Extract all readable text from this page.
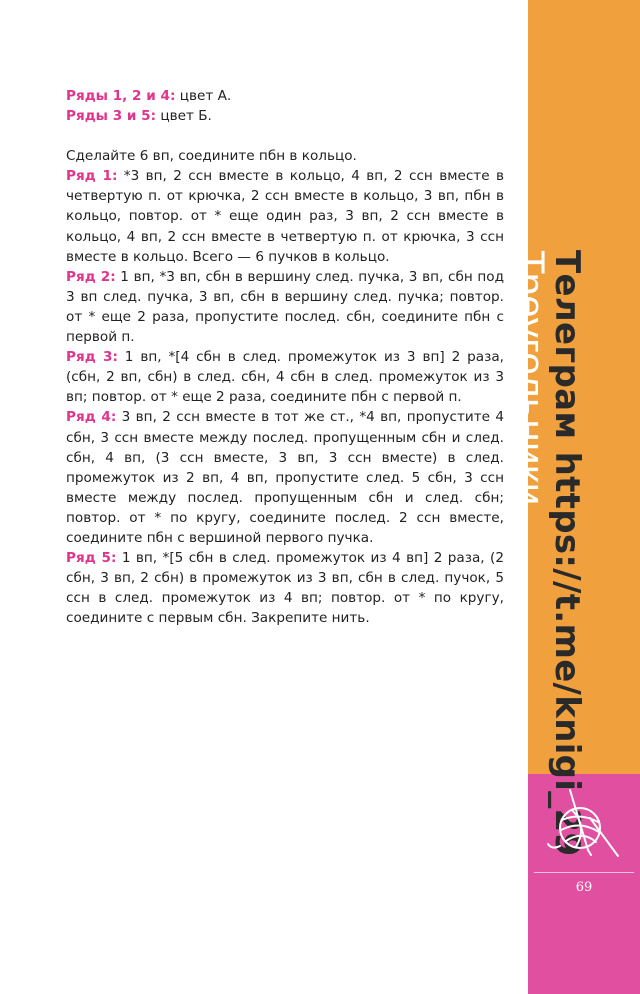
Ряды 1, 2 и 4: цвет А.

Ряды 3 и 5: цвет Б.

Сделайте 6 вп, соедините пбн в кольцо.

Ряд 1: *3 вп, 2 ссн вместе в кольцо, 4 вп, 2 ссн вместе в четвертую п. от крючка, 2 ссн вместе в кольцо, 3 вп, пбн в кольцо, повтор. от * еще один раз, 3 вп, 2 ссн вместе в кольцо, 4 вп, 2 ссн вместе в четвертую п. от крючка, 3 ссн вместе в кольцо. Всего — 6 пучков в кольцо.

Ряд 2: 1 вп, *3 вп, сбн в вершину след. пучка, 3 вп, сбн под 3 вп след. пучка, 3 вп, сбн в вершину след. пучка; повтор. от * еще 2 раза, пропустите послед. сбн, соедините пбн с первой п.

Ряд 3: 1 вп, *[4 сбн в след. промежуток из 3 вп] 2 раза, (сбн, 2 вп, сбн) в след. сбн, 4 сбн в след. промежуток из 3 вп; повтор. от * еще 2 раза, соедините пбн с первой п.

Ряд 4: 3 вп, 2 ссн вместе в тот же ст., *4 вп, пропустите 4 сбн, 3 ссн вместе между послед. пропущенным сбн и след. сбн, 4 вп, (3 ссн вместе, 3 вп, 3 ссн вместе) в след. промежуток из 2 вп, 4 вп, пропустите след. 5 сбн, 3 ссн вместе между послед. пропущенным сбн и след. сбн; повтор. от * по кругу, соедините послед. 2 ссн вместе, соедините пбн с вершиной первого пучка.

Ряд 5: 1 вп, *[5 сбн в след. промежуток из 4 вп] 2 раза, (2 сбн, 3 вп, 2 сбн) в промежуток из 3 вп, сбн в след. пучок, 5 ссн в след. промежуток из 4 вп; повтор. от * по кругу, соедините с первым сбн. Закрепите нить.	Телеграм https://t.me/knigi_29
Треугольники
69
